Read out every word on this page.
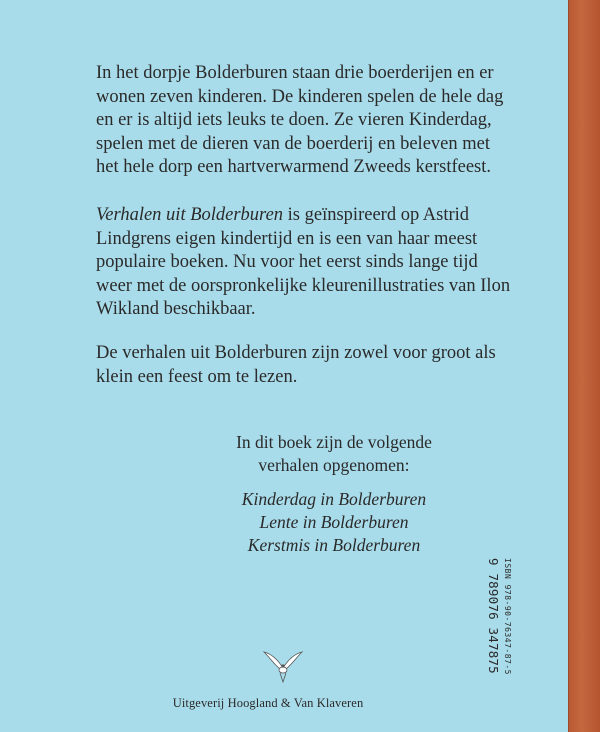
In het dorpje Bolderburen staan drie boerderijen en er wonen zeven kinderen. De kinderen spelen de hele dag en er is altijd iets leuks te doen. Ze vieren Kinderdag, spelen met de dieren van de boerderij en beleven met het hele dorp een hartverwarmend Zweeds kerstfeest.

Verhalen uit Bolderburen is geïnspireerd op Astrid Lindgrens eigen kindertijd en is een van haar meest populaire boeken. Nu voor het eerst sinds lange tijd weer met de oorspronkelijke kleurenillustraties van Ilon Wikland beschikbaar.

De verhalen uit Bolderburen zijn zowel voor groot als klein een feest om te lezen.

In dit boek zijn de volgende
verhalen opgenomen:

Kinderdag in Bolderburen
Lente in Bolderburen
Kerstmis in Bolderburen
ISBN 978-90-76347-87-5
9 789076 347875
Uitgeverij Hoogland & Van Klaveren
